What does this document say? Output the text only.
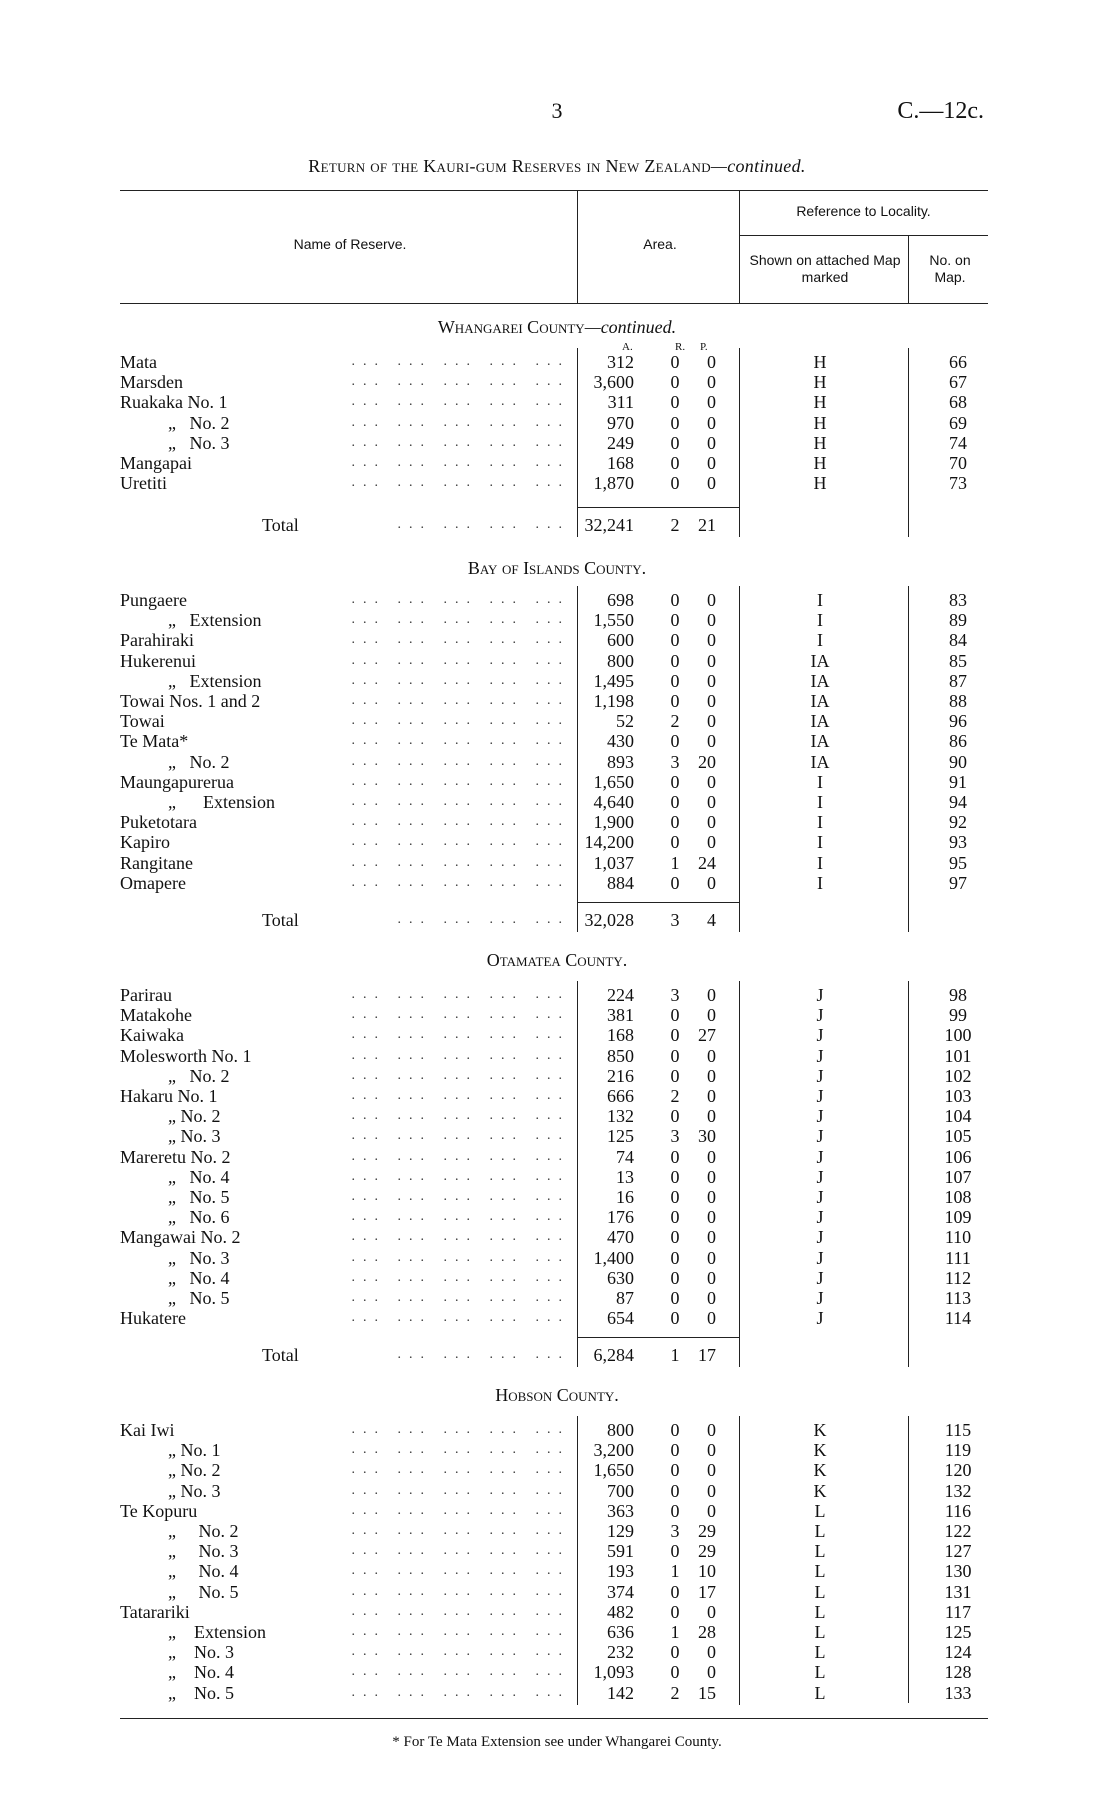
3	C.—12c.
Return of the Kauri-gum Reserves in New Zealand—continued.
Name of Reserve.	Area.
Reference to Locality.
Shown on attached Map marked
No. on Map.
Whangarei County—continued.
A.	R. P.
Mata	... ... ... ... ...	312	0	0	H	66
Marsden	... ... ... ... ...	3,600	0	0	H	67
Ruakaka No. 1	... ... ... ... ...	311	0	0	H	68
„   No. 2	... ... ... ... ...	970	0	0	H	69
„   No. 3	... ... ... ... ...	249	0	0	H	74
Mangapai	... ... ... ... ...	168	0	0	H	70
Uretiti	... ... ... ... ...	1,870	0	0	H	73
Total	... ... ... ... 32,241	2	21
Bay of Islands County.
Pungaere	... ... ... ... ...	698	0	0	I	83
„   Extension	... ... ... ... ...	1,550	0	0	I	89
Parahiraki	... ... ... ... ...	600	0	0	I	84
Hukerenui	... ... ... ... ...	800	0	0	IA	85
„   Extension	... ... ... ... ...	1,495	0	0	IA	87
Towai Nos. 1 and 2	... ... ... ... ...	1,198	0	0	IA	88
Towai	... ... ... ... ...	52	2	0	IA	96
Te Mata*	... ... ... ... ...	430	0	0	IA	86
„   No. 2	... ... ... ... ...	893	3	20	IA	90
Maungapurerua	... ... ... ... ...	1,650	0	0	I	91
„      Extension	... ... ... ... ...	4,640	0	0	I	94
Puketotara	... ... ... ... ...	1,900	0	0	I	92
Kapiro	... ... ... ... ... 14,200	0	0	I	93
Rangitane	... ... ... ... ...	1,037	1	24	I	95
Omapere	... ... ... ... ...	884	0	0	I	97
Total	... ... ... ... 32,028	3	4
Otamatea County.
Parirau	... ... ... ... ...	224	3	0	J	98
Matakohe	... ... ... ... ...	381	0	0	J	99
Kaiwaka	... ... ... ... ...	168	0	27	J	100
Molesworth No. 1	... ... ... ... ...	850	0	0	J	101
„   No. 2	... ... ... ... ...	216	0	0	J	102
Hakaru No. 1	... ... ... ... ...	666	2	0	J	103
„ No. 2	... ... ... ... ...	132	0	0	J	104
„ No. 3	... ... ... ... ...	125	3	30	J	105
Mareretu No. 2	... ... ... ... ...	74	0	0	J	106
„   No. 4	... ... ... ... ...	13	0	0	J	107
„   No. 5	... ... ... ... ...	16	0	0	J	108
„   No. 6	... ... ... ... ...	176	0	0	J	109
Mangawai No. 2	... ... ... ... ...	470	0	0	J	110
„   No. 3	... ... ... ... ...	1,400	0	0	J	111
„   No. 4	... ... ... ... ...	630	0	0	J	112
„   No. 5	... ... ... ... ...	87	0	0	J	113
Hukatere	... ... ... ... ...	654	0	0	J	114
Total	... ... ... ...	6,284	1	17
Hobson County.
Kai Iwi	... ... ... ... ...	800	0	0	K	115
„ No. 1	... ... ... ... ...	3,200	0	0	K	119
„ No. 2	... ... ... ... ...	1,650	0	0	K	120
„ No. 3	... ... ... ... ...	700	0	0	K	132
Te Kopuru	... ... ... ... ...	363	0	0	L	116
„     No. 2	... ... ... ... ...	129	3	29	L	122
„     No. 3	... ... ... ... ...	591	0	29	L	127
„     No. 4	... ... ... ... ...	193	1	10	L	130
„     No. 5	... ... ... ... ...	374	0	17	L	131
Tatarariki	... ... ... ... ...	482	0	0	L	117
„    Extension	... ... ... ... ...	636	1	28	L	125
„    No. 3	... ... ... ... ...	232	0	0	L	124
„    No. 4	... ... ... ... ...	1,093	0	0	L	128
„    No. 5	... ... ... ... ...	142	2	15	L	133
* For Te Mata Extension see under Whangarei County.
